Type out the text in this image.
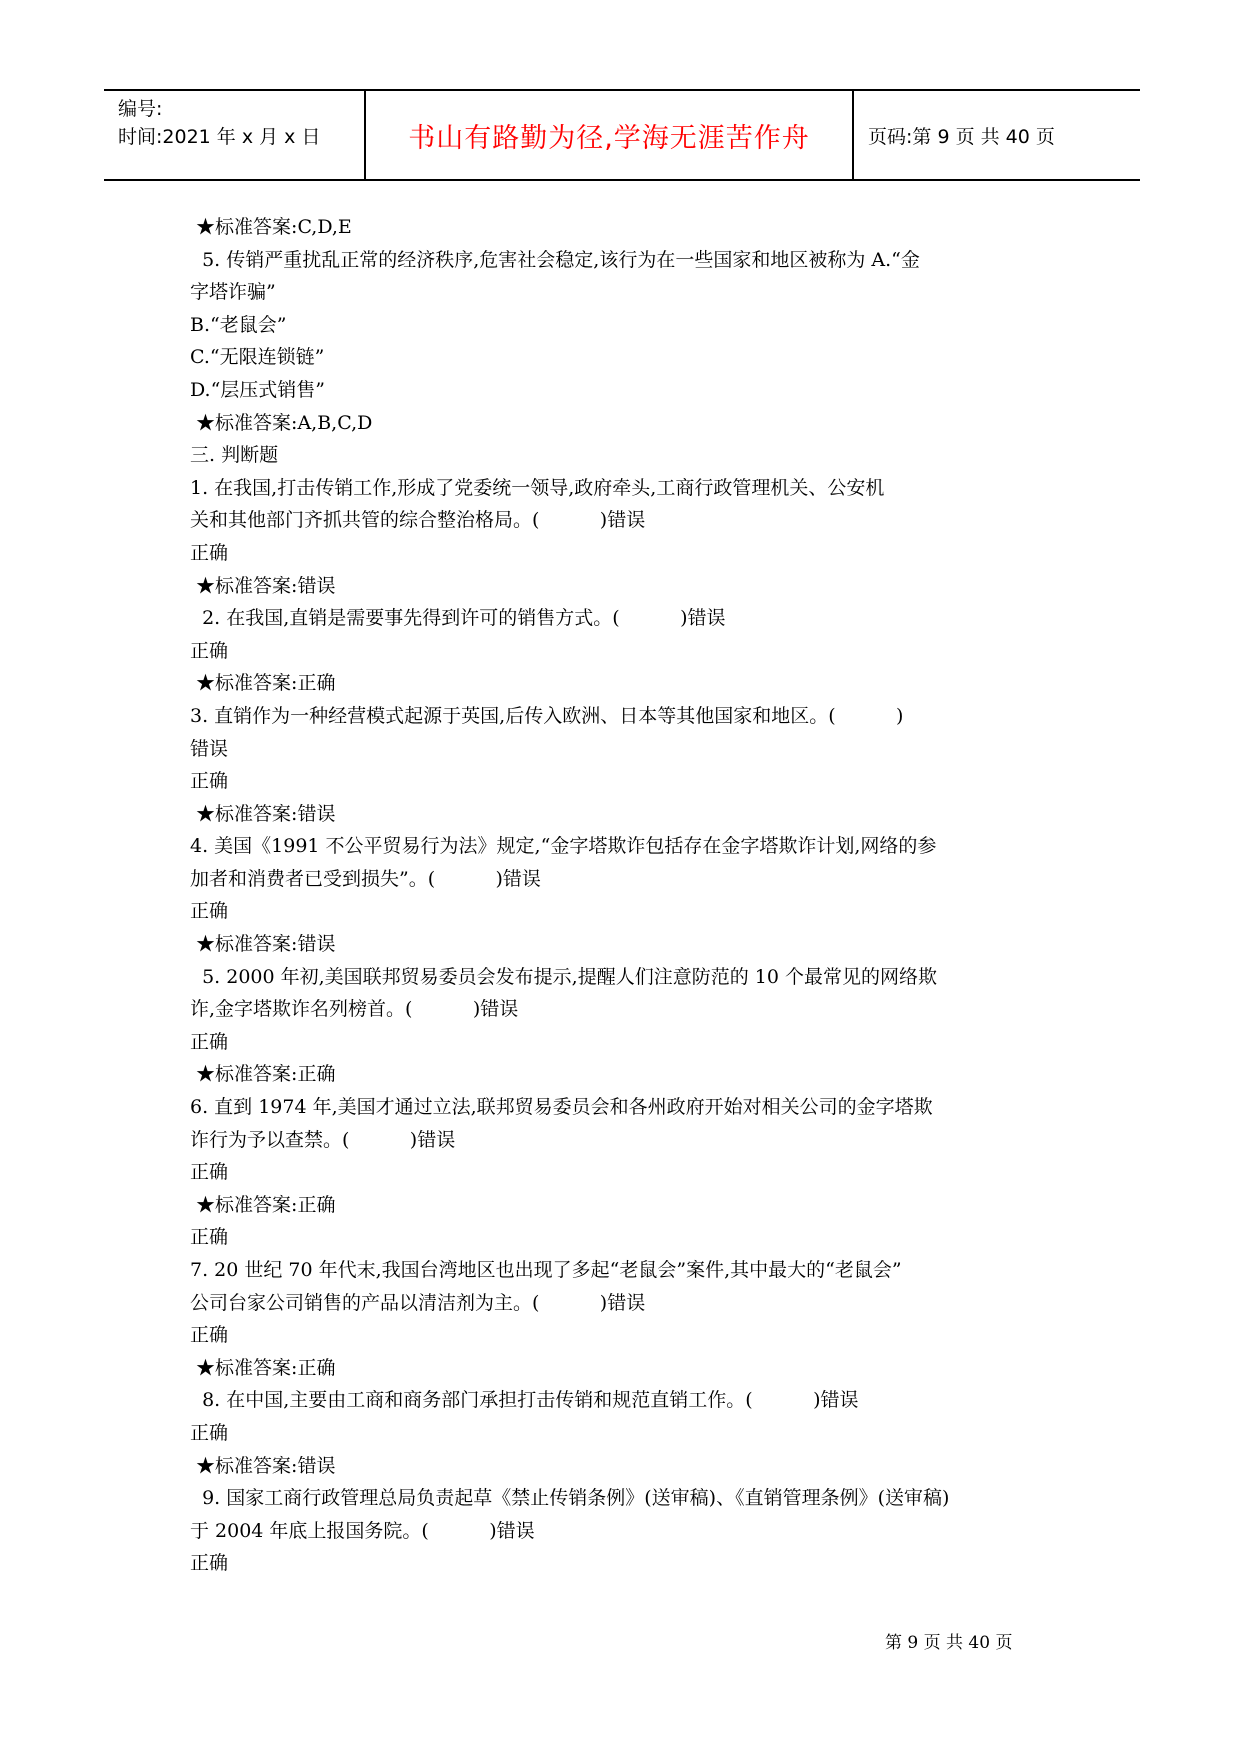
编号:
时间:2021 年 x 月 x 日	书山有路勤为径,学海无涯苦作舟	页码:第 9 页 共 40 页
★标准答案:C,D,E
5. 传销严重扰乱正常的经济秩序,危害社会稳定,该行为在一些国家和地区被称为 A.“金
字塔诈骗”
B.“老鼠会”
C.“无限连锁链”
D.“层压式销售”
★标准答案:A,B,C,D
三. 判断题
1. 在我国,打击传销工作,形成了党委统一领导,政府牵头,工商行政管理机关、公安机
关和其他部门齐抓共管的综合整治格局。(          )错误
正确
★标准答案:错误
2. 在我国,直销是需要事先得到许可的销售方式。(          )错误
正确
★标准答案:正确
3. 直销作为一种经营模式起源于英国,后传入欧洲、日本等其他国家和地区。(          )
错误
正确
★标准答案:错误
4. 美国《1991 不公平贸易行为法》规定,“金字塔欺诈包括存在金字塔欺诈计划,网络的参
加者和消费者已受到损失”。(          )错误
正确
★标准答案:错误
5. 2000 年初,美国联邦贸易委员会发布提示,提醒人们注意防范的 10 个最常见的网络欺
诈,金字塔欺诈名列榜首。(          )错误
正确
★标准答案:正确
6. 直到 1974 年,美国才通过立法,联邦贸易委员会和各州政府开始对相关公司的金字塔欺
诈行为予以查禁。(          )错误
正确
★标准答案:正确
正确
7. 20 世纪 70 年代末,我国台湾地区也出现了多起“老鼠会”案件,其中最大的“老鼠会”
公司台家公司销售的产品以清洁剂为主。(          )错误
正确
★标准答案:正确
8. 在中国,主要由工商和商务部门承担打击传销和规范直销工作。(          )错误
正确
★标准答案:错误
9. 国家工商行政管理总局负责起草《禁止传销条例》(送审稿)、《直销管理条例》(送审稿)
于 2004 年底上报国务院。(          )错误
正确
第 9 页 共 40 页
